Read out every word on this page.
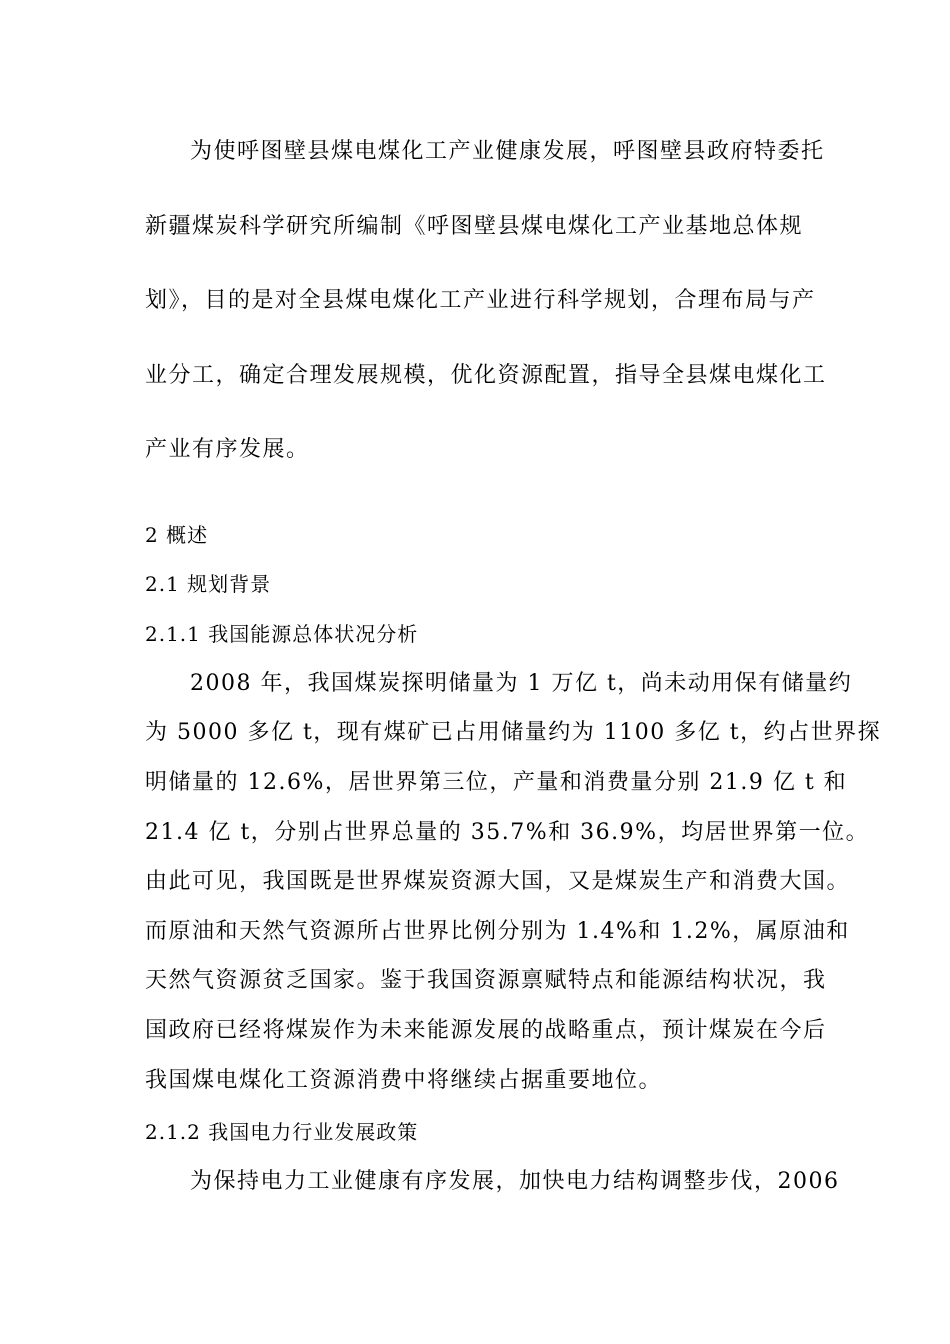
为使呼图壁县煤电煤化工产业健康发展，呼图壁县政府特委托
新疆煤炭科学研究所编制《呼图壁县煤电煤化工产业基地总体规
划》，目的是对全县煤电煤化工产业进行科学规划，合理布局与产
业分工，确定合理发展规模，优化资源配置，指导全县煤电煤化工
产业有序发展。
2 概述
2.1 规划背景
2.1.1 我国能源总体状况分析
2008 年，我国煤炭探明储量为 1 万亿 t，尚未动用保有储量约
为 5000 多亿 t，现有煤矿已占用储量约为 1100 多亿 t，约占世界探
明储量的 12.6%，居世界第三位，产量和消费量分别 21.9 亿 t 和
21.4 亿 t，分别占世界总量的 35.7%和 36.9%，均居世界第一位。
由此可见，我国既是世界煤炭资源大国，又是煤炭生产和消费大国。
而原油和天然气资源所占世界比例分别为 1.4%和 1.2%，属原油和
天然气资源贫乏国家。鉴于我国资源禀赋特点和能源结构状况，我
国政府已经将煤炭作为未来能源发展的战略重点，预计煤炭在今后
我国煤电煤化工资源消费中将继续占据重要地位。
2.1.2 我国电力行业发展政策
为保持电力工业健康有序发展，加快电力结构调整步伐，2006
